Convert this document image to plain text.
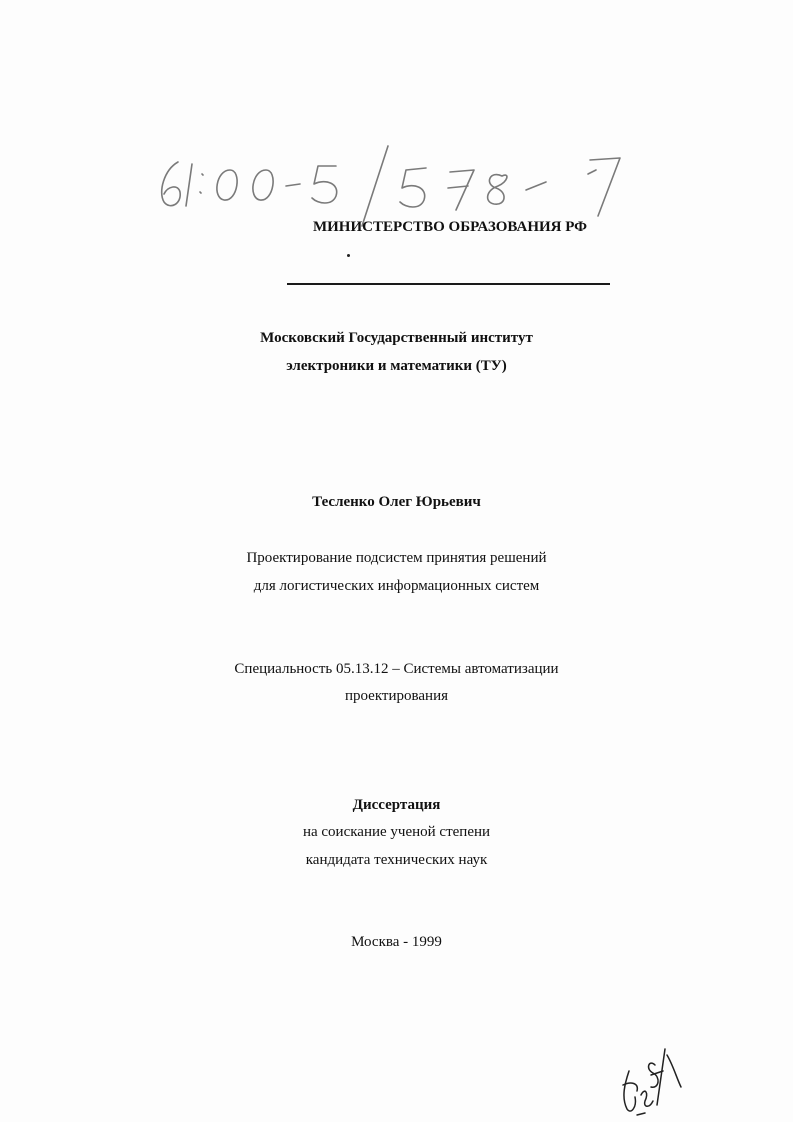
МИНИСТЕРСТВО ОБРАЗОВАНИЯ РФ
Московский Государственный институт
электроники и математики (ТУ)
Тесленко Олег Юрьевич
Проектирование подсистем принятия решений
для логистических информационных систем
Специальность 05.13.12 – Системы автоматизации
проектирования
Диссертация
на соискание ученой степени
кандидата технических наук
Москва - 1999
